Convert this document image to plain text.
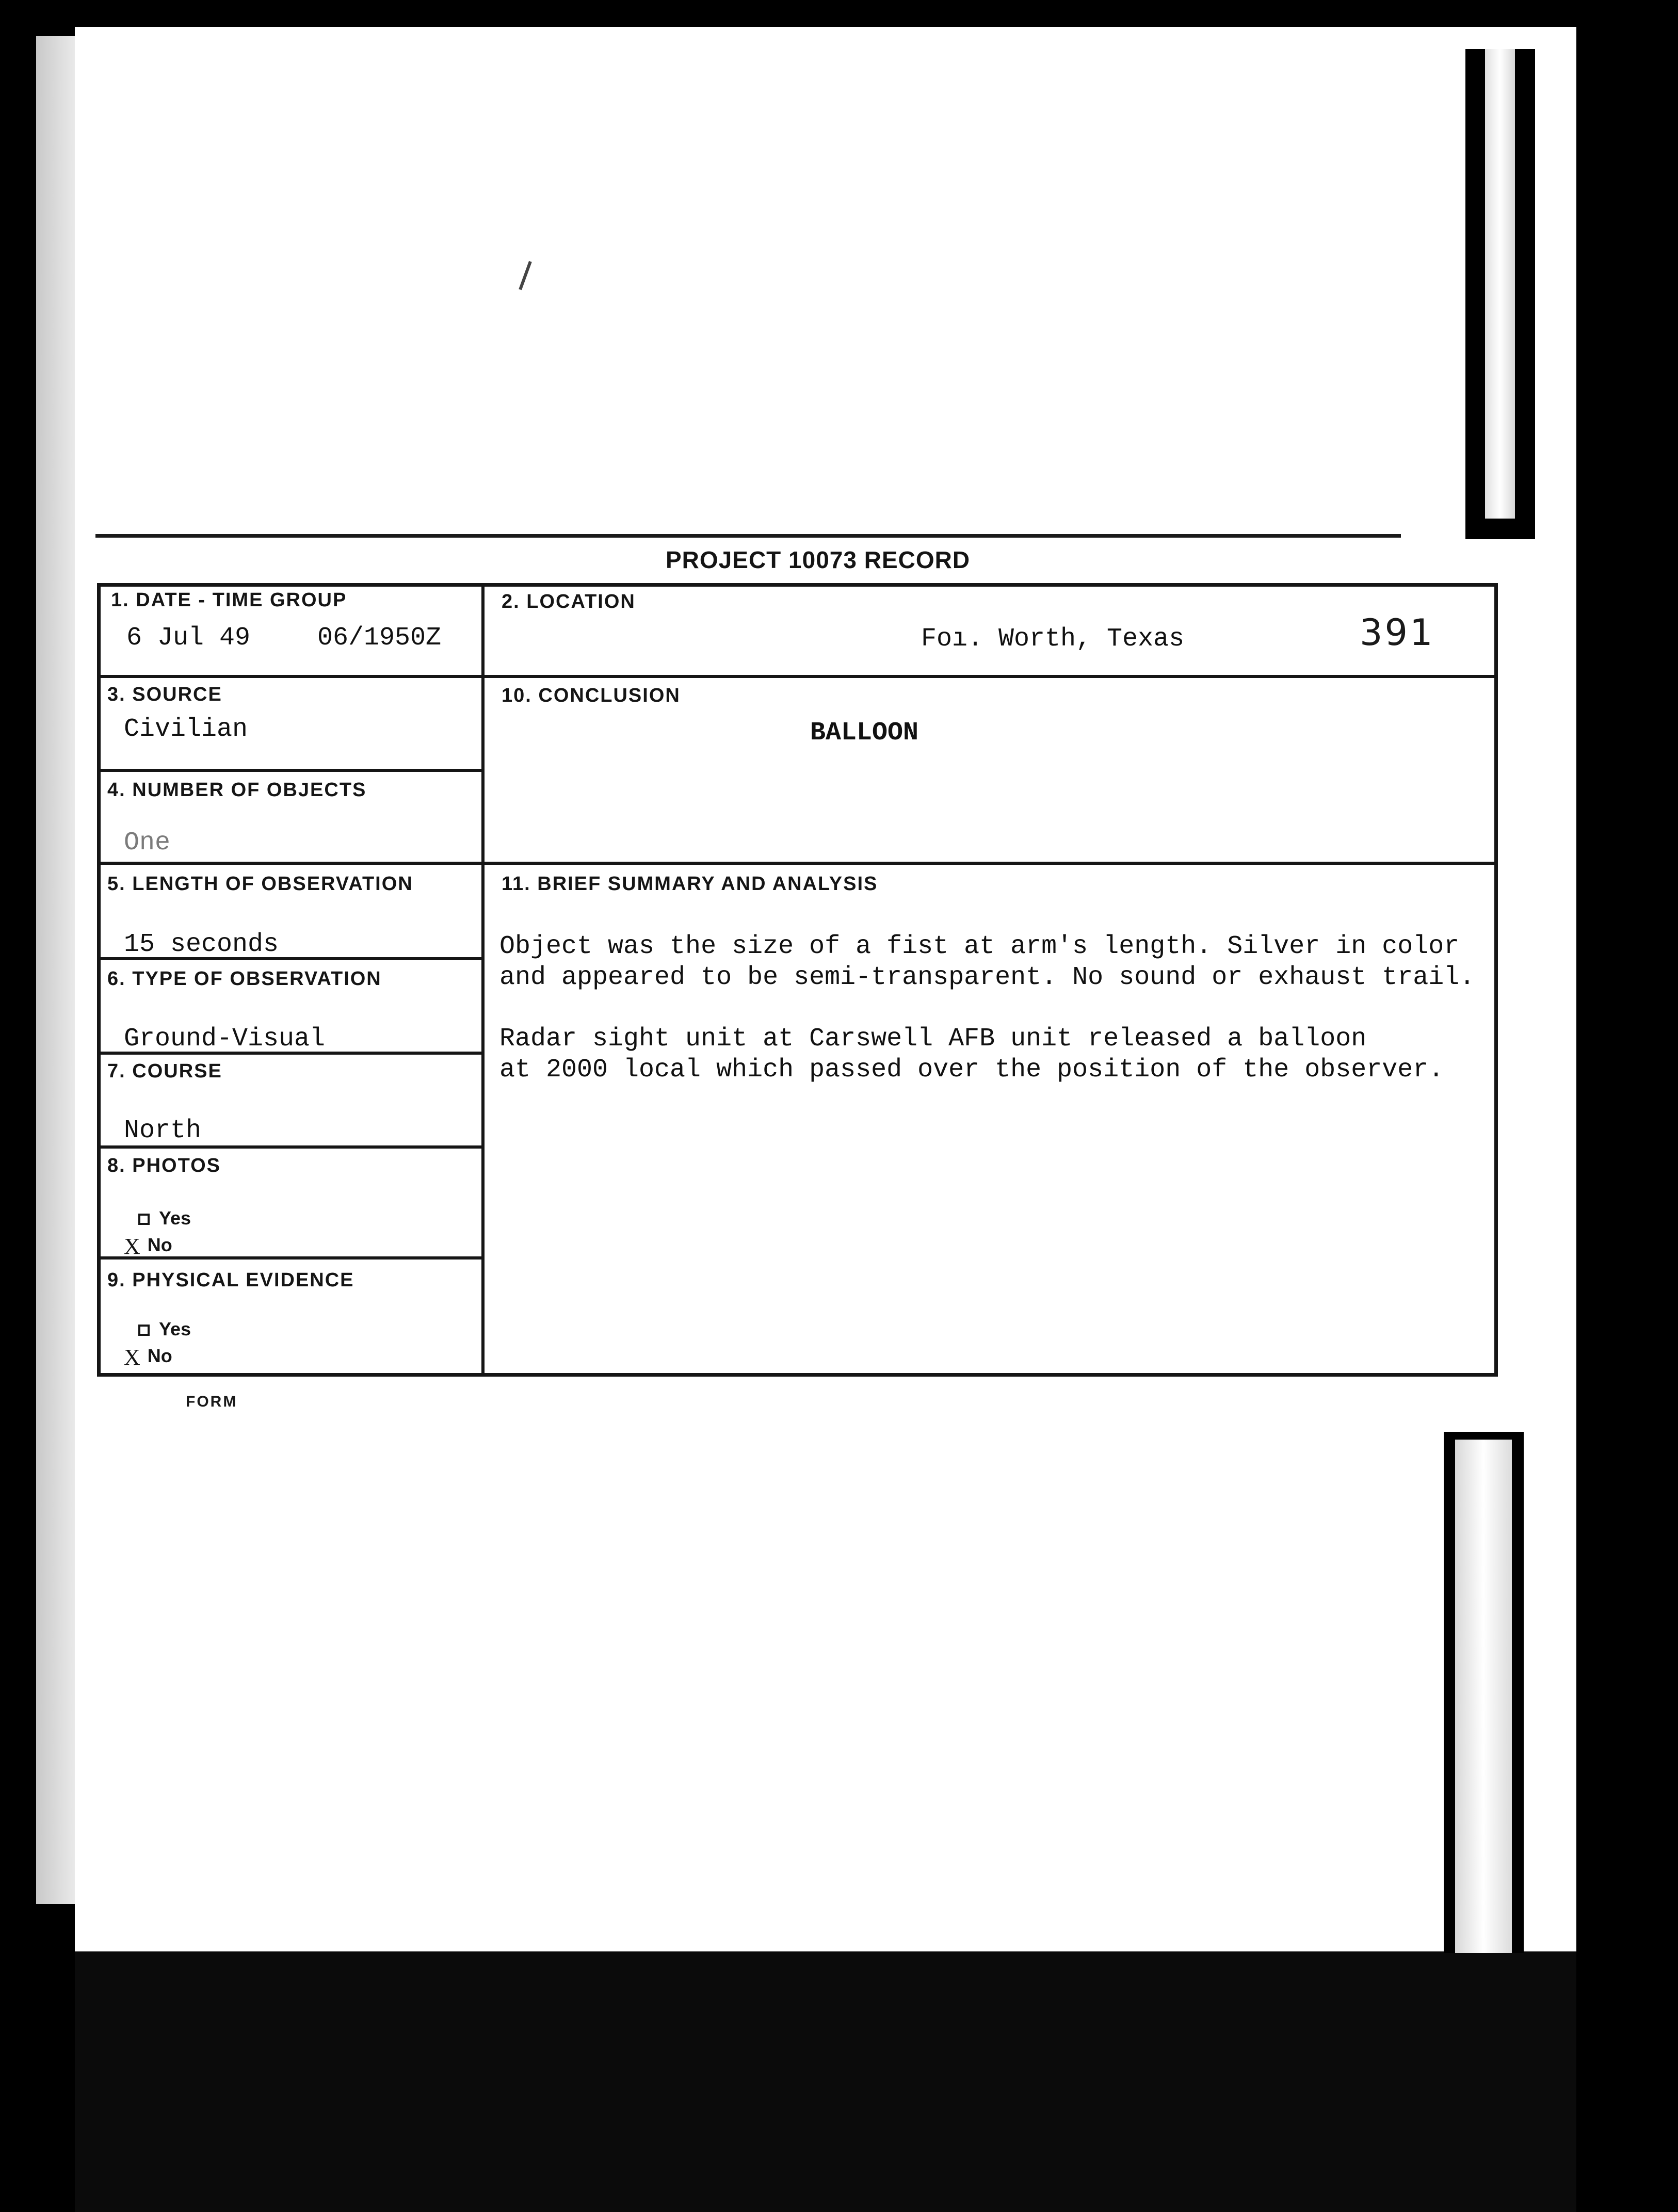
PROJECT 10073 RECORD
391
1. DATE - TIME GROUP
6 Jul 49	06/1950Z
2. LOCATION
Foı. Worth, Texas
3. SOURCE
Civilian
10. CONCLUSION
BALLOON
4. NUMBER OF OBJECTS
One
5. LENGTH OF OBSERVATION
15 seconds
11. BRIEF SUMMARY AND ANALYSIS
Object was the size of a fist at arm's length. Silver in color
and appeared to be semi-transparent. No sound or exhaust trail.
Radar sight unit at Carswell AFB unit released a balloon
at 2000 local which passed over the position of the observer.
6. TYPE OF OBSERVATION
Ground-Visual
7. COURSE
North
8. PHOTOS
Yes
X No
9. PHYSICAL EVIDENCE
Yes
X No
FORM
